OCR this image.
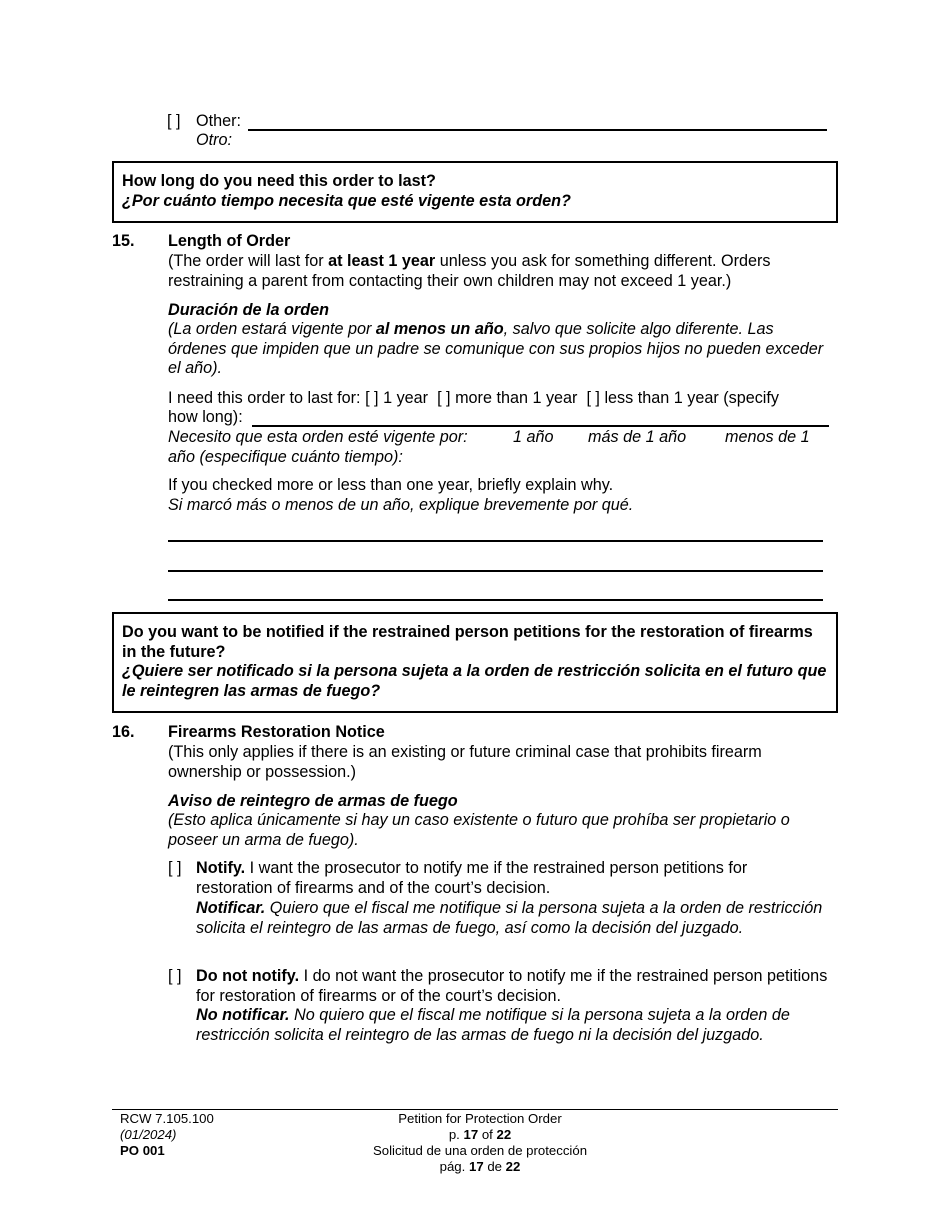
[ ] Other:
Otro:
How long do you need this order to last?
¿Por cuánto tiempo necesita que esté vigente esta orden?
15. Length of Order
(The order will last for at least 1 year unless you ask for something different. Orders restraining a parent from contacting their own children may not exceed 1 year.)
Duración de la orden
(La orden estará vigente por al menos un año, salvo que solicite algo diferente. Las órdenes que impiden que un padre se comunique con sus propios hijos no pueden exceder el año).
I need this order to last for: [ ] 1 year [ ] more than 1 year [ ] less than 1 year (specify
how long):
Necesito que esta orden esté vigente por:	1 año más de 1 año menos de 1
año (especifique cuánto tiempo):
If you checked more or less than one year, briefly explain why.
Si marcó más o menos de un año, explique brevemente por qué.
Do you want to be notified if the restrained person petitions for the restoration of firearms in the future?
¿Quiere ser notificado si la persona sujeta a la orden de restricción solicita en el futuro que le reintegren las armas de fuego?
16. Firearms Restoration Notice
(This only applies if there is an existing or future criminal case that prohibits firearm ownership or possession.)
Aviso de reintegro de armas de fuego
(Esto aplica únicamente si hay un caso existente o futuro que prohíba ser propietario o poseer un arma de fuego).
[ ] Notify. I want the prosecutor to notify me if the restrained person petitions for restoration of firearms and of the court’s decision.
Notificar. Quiero que el fiscal me notifique si la persona sujeta a la orden de restricción solicita el reintegro de las armas de fuego, así como la decisión del juzgado.
[ ] Do not notify. I do not want the prosecutor to notify me if the restrained person petitions for restoration of firearms or of the court’s decision.
No notificar. No quiero que el fiscal me notifique si la persona sujeta a la orden de restricción solicita el reintegro de las armas de fuego ni la decisión del juzgado.
RCW 7.105.100
(01/2024)
PO 001
Petition for Protection Order
p. 17 of 22
Solicitud de una orden de protección
pág. 17 de 22
